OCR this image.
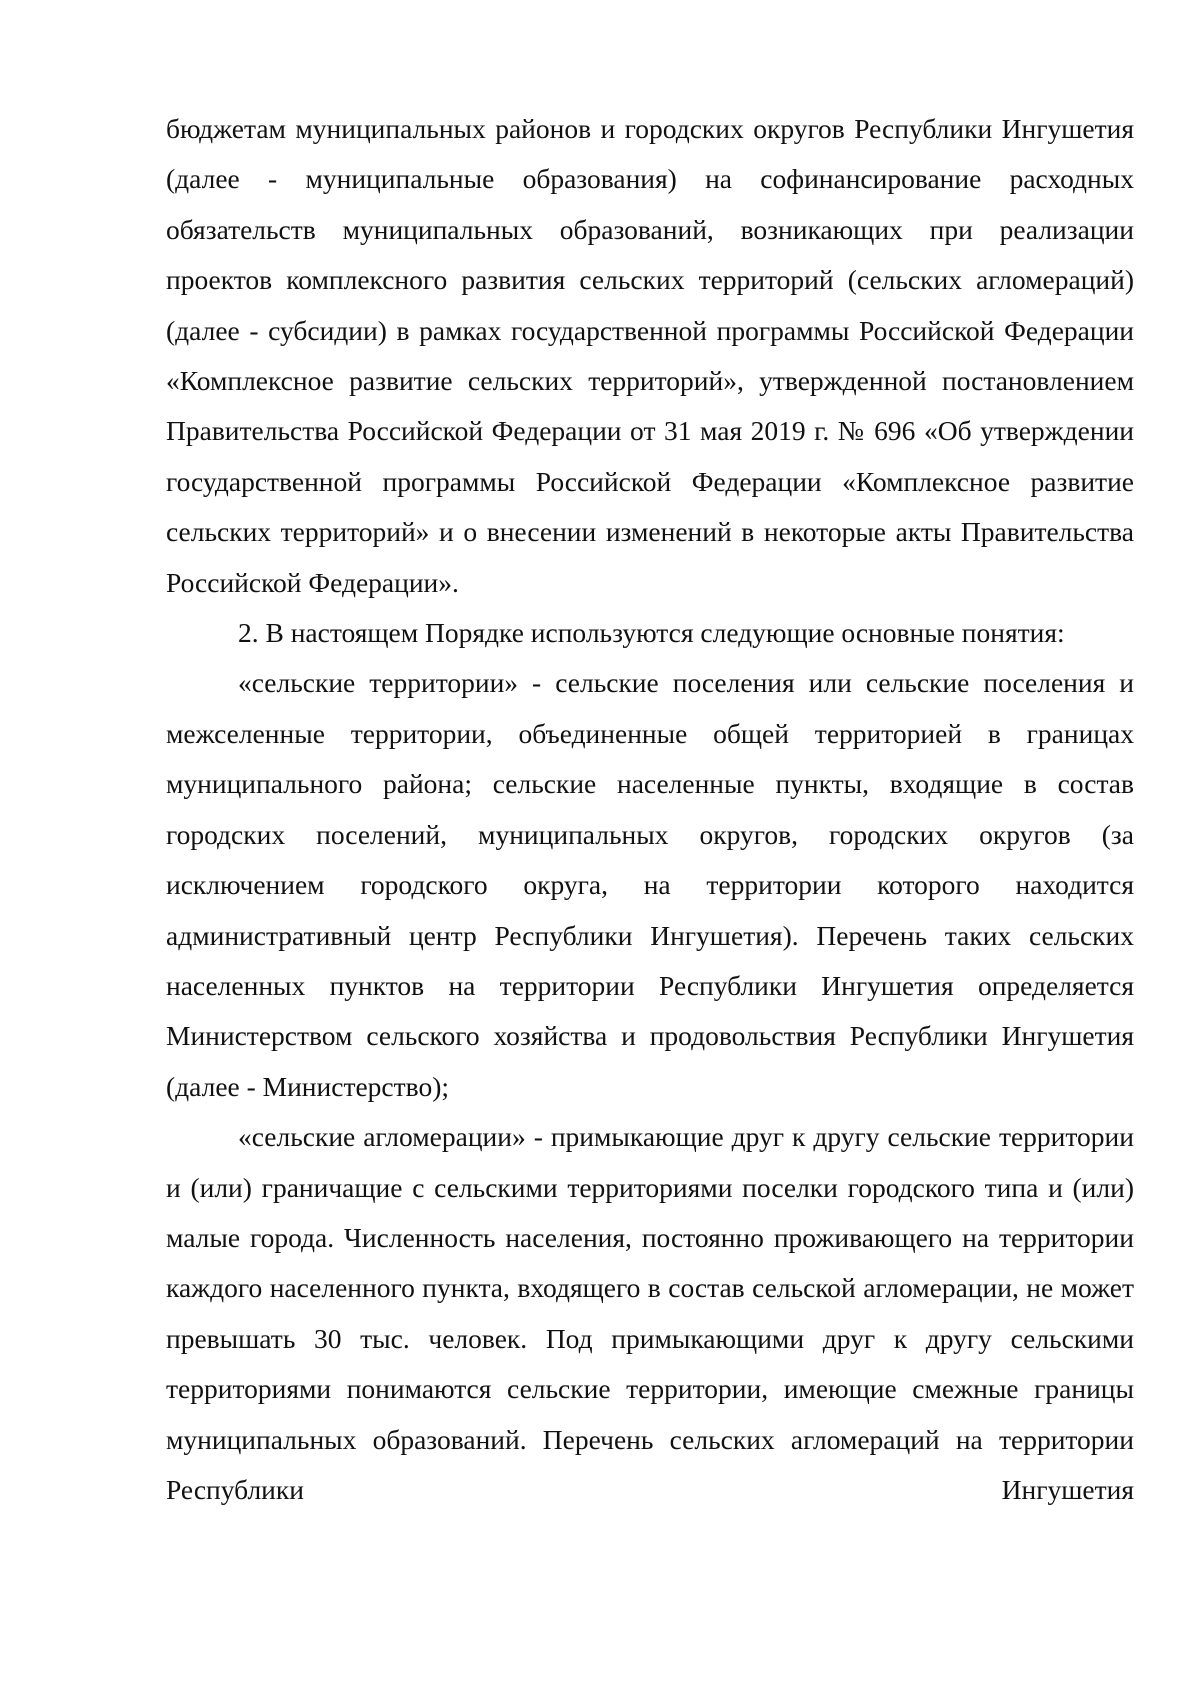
бюджетам муниципальных районов и городских округов Республики Ингушетия (далее - муниципальные образования) на софинансирование расходных обязательств муниципальных образований, возникающих при реализации проектов комплексного развития сельских территорий (сельских агломераций) (далее - субсидии) в рамках государственной программы Российской Федерации «Комплексное развитие сельских территорий», утвержденной постановлением Правительства Российской Федерации от 31 мая 2019 г. № 696 «Об утверждении государственной программы Российской Федерации «Комплексное развитие сельских территорий» и о внесении изменений в некоторые акты Правительства Российской Федерации».

2. В настоящем Порядке используются следующие основные понятия:

«сельские территории» - сельские поселения или сельские поселения и межселенные территории, объединенные общей территорией в границах муниципального района; сельские населенные пункты, входящие в состав городских поселений, муниципальных округов, городских округов (за исключением городского округа, на территории которого находится административный центр Республики Ингушетия). Перечень таких сельских населенных пунктов на территории Республики Ингушетия определяется Министерством сельского хозяйства и продовольствия Республики Ингушетия (далее - Министерство);

«сельские агломерации» - примыкающие друг к другу сельские территории и (или) граничащие с сельскими территориями поселки городского типа и (или) малые города. Численность населения, постоянно проживающего на территории каждого населенного пункта, входящего в состав сельской агломерации, не может превышать 30 тыс. человек. Под примыкающими друг к другу сельскими территориями понимаются сельские территории, имеющие смежные границы муниципальных образований. Перечень сельских агломераций на территории Республики Ингушетия
